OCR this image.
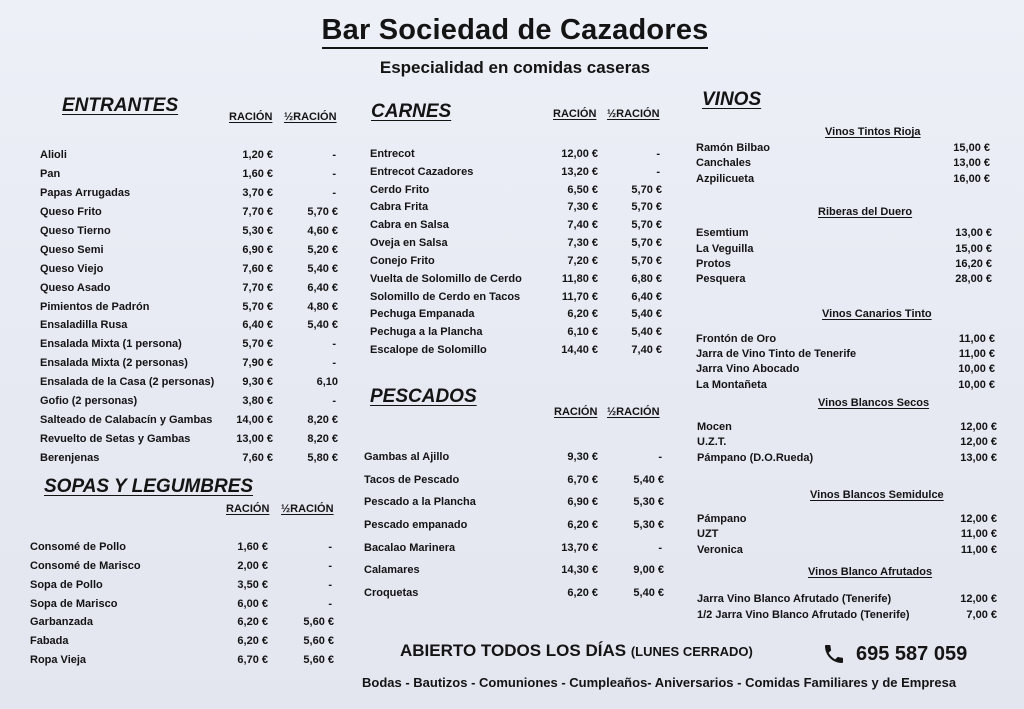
Bar Sociedad de Cazadores
Especialidad en comidas caseras
ENTRANTES
RACIÓN ½RACIÓN
Alioli	1,20 €	-
Pan	1,60 €	-
Papas Arrugadas	3,70 €	-
Queso Frito	7,70 €	5,70 €
Queso Tierno	5,30 €	4,60 €
Queso Semi	6,90 €	5,20 €
Queso Viejo	7,60 €	5,40 €
Queso Asado	7,70 €	6,40 €
Pimientos de Padrón	5,70 €	4,80 €
Ensaladilla Rusa	6,40 €	5,40 €
Ensalada Mixta (1 persona)	5,70 €	-
Ensalada Mixta (2 personas)	7,90 €	-
Ensalada de la Casa (2 personas)	9,30 €	6,10
Gofio (2 personas)	3,80 €	-
Salteado de Calabacín y Gambas 14,00 €	8,20 €
Revuelto de Setas y Gambas	13,00 €	8,20 €
Berenjenas	7,60 €	5,80 €
SOPAS Y LEGUMBRES
RACIÓN ½RACIÓN
Consomé de Pollo	1,60 €	-
Consomé de Marisco	2,00 €	-
Sopa de Pollo	3,50 €	-
Sopa de Marisco	6,00 €	-
Garbanzada	6,20 €	5,60 €
Fabada	6,20 €	5,60 €
Ropa Vieja	6,70 €	5,60 €
CARNES	RACIÓN ½RACIÓN
Entrecot	12,00 €	-
Entrecot Cazadores	13,20 €	-
Cerdo Frito	6,50 €	5,70 €
Cabra Frita	7,30 €	5,70 €
Cabra en Salsa	7,40 €	5,70 €
Oveja en Salsa	7,30 €	5,70 €
Conejo Frito	7,20 €	5,70 €
Vuelta de Solomillo de Cerdo	11,80 €	6,80 €
Solomillo de Cerdo en Tacos	11,70 €	6,40 €
Pechuga Empanada	6,20 €	5,40 €
Pechuga a la Plancha	6,10 €	5,40 €
Escalope de Solomillo	14,40 €	7,40 €
PESCADOS
RACIÓN ½RACIÓN
Gambas al Ajillo	9,30 €	-
Tacos de Pescado	6,70 €	5,40 €
Pescado a la Plancha	6,90 €	5,30 €
Pescado empanado	6,20 €	5,30 €
Bacalao Marinera	13,70 €	-
Calamares	14,30 €	9,00 €
Croquetas	6,20 €	5,40 €
VINOS
Vinos Tintos Rioja
Ramón Bilbao	15,00 €
Canchales	13,00 €
Azpilicueta	16,00 €
Riberas del Duero
Esemtium	13,00 €
La Veguilla	15,00 €
Protos	16,20 €
Pesquera	28,00 €
Vinos Canarios Tinto
Frontón de Oro	11,00 €
Jarra de Vino Tinto de Tenerife	11,00 €
Jarra Vino Abocado	10,00 €
La Montañeta	10,00 €
Vinos Blancos Secos
Mocen	12,00 €
U.Z.T.	12,00 €
Pámpano (D.O.Rueda)	13,00 €
Vinos Blancos Semidulce
Pámpano	12,00 €
UZT	11,00 €
Veronica	11,00 €
Vinos Blanco Afrutados
Jarra Vino Blanco Afrutado (Tenerife)	12,00 €
1/2 Jarra Vino Blanco Afrutado (Tenerife)	7,00 €
ABIERTO TODOS LOS DÍAS (LUNES CERRADO)	695 587 059
Bodas - Bautizos - Comuniones - Cumpleaños- Aniversarios - Comidas Familiares y de Empresa
